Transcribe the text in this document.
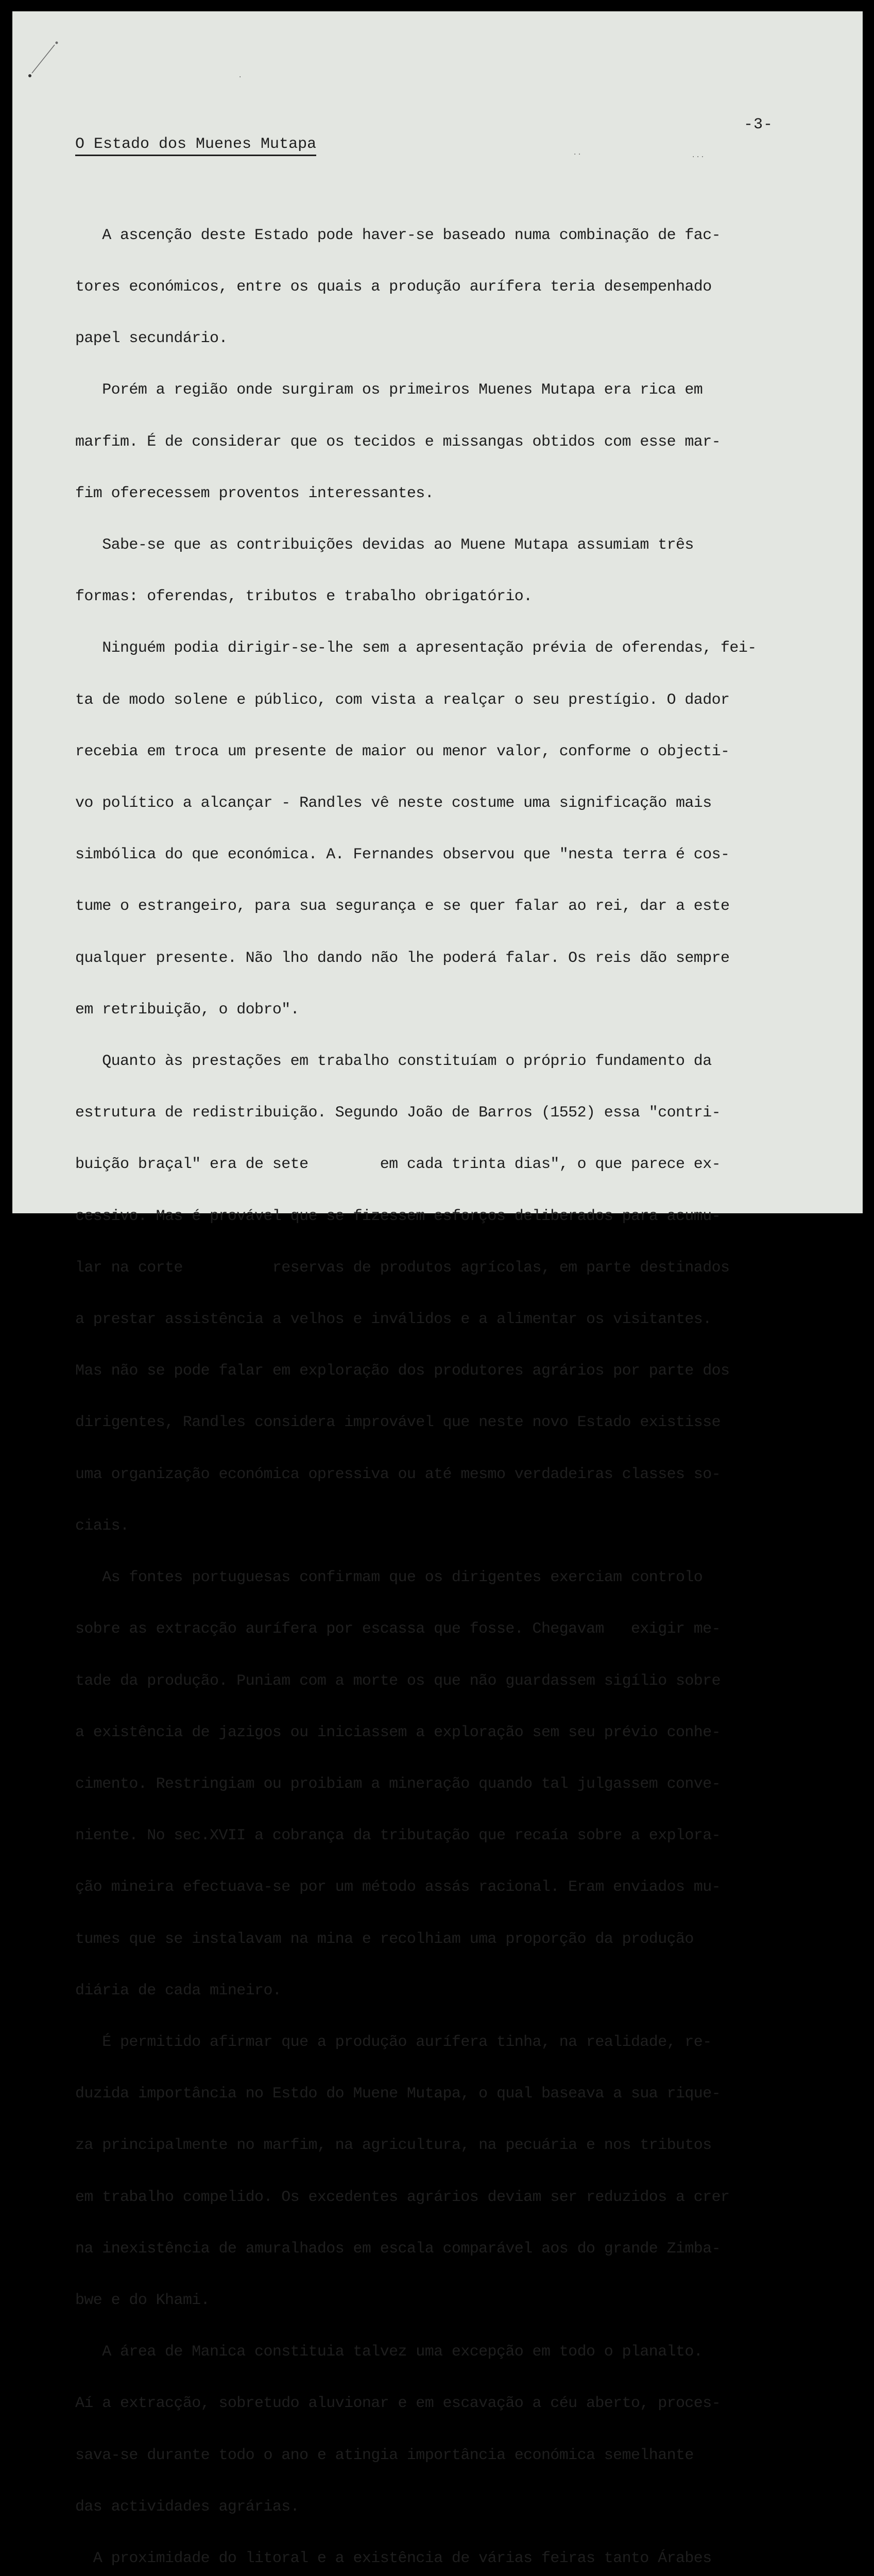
·
· ·	· · ·
-3-
O Estado dos Muenes Mutapa

A ascenção deste Estado pode haver-se baseado numa combinação de fac-

tores económicos, entre os quais a produção aurífera teria desempenhado

papel secundário.

Porém a região onde surgiram os primeiros Muenes Mutapa era rica em

marfim. É de considerar que os tecidos e missangas obtidos com esse mar-

fim oferecessem proventos interessantes.

Sabe-se que as contribuições devidas ao Muene Mutapa assumiam três

formas: oferendas, tributos e trabalho obrigatório.

Ninguém podia dirigir-se-lhe sem a apresentação prévia de oferendas, fei-

ta de modo solene e público, com vista a realçar o seu prestígio. O dador

recebia em troca um presente de maior ou menor valor, conforme o objecti-

vo político a alcançar - Randles vê neste costume uma significação mais

simbólica do que económica. A. Fernandes observou que "nesta terra é cos-

tume o estrangeiro, para sua segurança e se quer falar ao rei, dar a este

qualquer presente. Não lho dando não lhe poderá falar. Os reis dão sempre

em retribuição, o dobro".

Quanto às prestações em trabalho constituíam o próprio fundamento da

estrutura de redistribuição. Segundo João de Barros (1552) essa "contri-

buição braçal" era de sete        em cada trinta dias", o que parece ex-

cessivo. Mas é provável que se fizessem esforços deliberados para acumu-

lar na corte          reservas de produtos agrícolas, em parte destinados

a prestar assistência a velhos e inválidos e a alimentar os visitantes.

Mas não se pode falar em exploração dos produtores agrários por parte dos

dirigentes, Randles considera improvável que neste novo Estado existisse

uma organização económica opressiva ou até mesmo verdadeiras classes so-

ciais.

As fontes portuguesas confirmam que os dirigentes exerciam controlo

sobre as extracção aurífera por escassa que fosse. Chegavam   exigir me-

tade da produção. Puniam com a morte os que não guardassem sigílio sobre

a existência de jazigos ou iniciassem a exploração sem seu prévio conhe-

cimento. Restringiam ou proibiam a mineração quando tal julgassem conve-

niente. No sec.XVII a cobrança da tributação que recaía sobre a explora-

ção mineira efectuava-se por um método assás racional. Eram enviados mu-

tumes que se instalavam na mina e recolhiam uma proporção da produção

diária de cada mineiro.

É permitido afirmar que a produção aurífera tinha, na realidade, re-

duzida importância no Estdo do Muene Mutapa, o qual baseava a sua rique-

za principalmente no marfim, na agricultura, na pecuária e nos tributos

em trabalho compelido. Os excedentes agrários deviam ser reduzidos a crer

na inexistência de amuralhados em escala comparável aos do grande Zimba-

bwe e do Khami.

A área de Manica constituia talvez uma excepção em todo o planalto.

Aí a extracção, sobretudo aluvionar e em escavação a céu aberto, proces-

sava-se durante todo o ano e atingia importância económica semelhante

das actividades agrárias.

A proximidade do litoral e a existência de várias feiras tanto Árabes
